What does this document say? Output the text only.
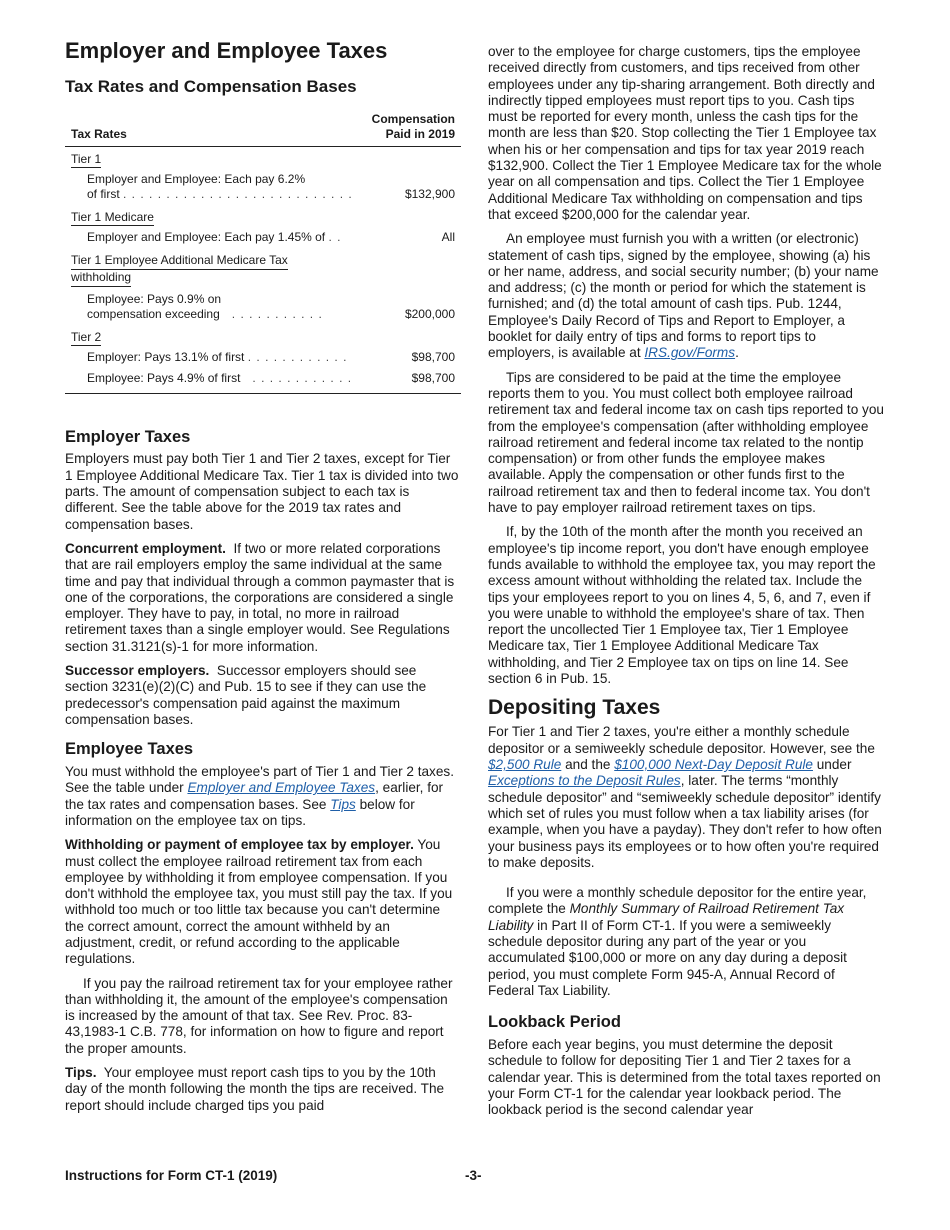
Employer and Employee Taxes
Tax Rates and Compensation Bases
Tax Rates
Compensation
Paid in 2019
Tier 1
Employer and Employee: Each pay 6.2%
of first . . . . . . . . . . . . . . . . . . . . . . . . . . .	$132,900
Tier 1 Medicare
Employer and Employee: Each pay 1.45% of . .	All
Tier 1 Employee Additional Medicare Tax
withholding
Employee: Pays 0.9% on
compensation exceeding   . . . . . . . . . . .	$200,000
Tier 2
Employer: Pays 13.1% of first . . . . . . . . . . . .	$98,700
Employee: Pays 4.9% of first   . . . . . . . . . . . .	$98,700
Employer Taxes

Employers must pay both Tier 1 and Tier 2 taxes, except for Tier 1 Employee Additional Medicare Tax. Tier 1 tax is divided into two parts. The amount of compensation subject to each tax is different. See the table above for the 2019 tax rates and compensation bases.

Concurrent employment. If two or more related corporations that are rail employers employ the same individual at the same time and pay that individual through a common paymaster that is one of the corporations, the corporations are considered a single employer. They have to pay, in total, no more in railroad retirement taxes than a single employer would. See Regulations section 31.3121(s)-1 for more information.

Successor employers. Successor employers should see section 3231(e)(2)(C) and Pub. 15 to see if they can use the predecessor's compensation paid against the maximum compensation bases.

Employee Taxes

You must withhold the employee's part of Tier 1 and Tier 2 taxes. See the table under Employer and Employee Taxes, earlier, for the tax rates and compensation bases. See Tips below for information on the employee tax on tips.

Withholding or payment of employee tax by employer. You must collect the employee railroad retirement tax from each employee by withholding it from employee compensation. If you don't withhold the employee tax, you must still pay the tax. If you withhold too much or too little tax because you can't determine the correct amount, correct the amount withheld by an adjustment, credit, or refund according to the applicable regulations.

If you pay the railroad retirement tax for your employee rather than withholding it, the amount of the employee's compensation is increased by the amount of that tax. See Rev. Proc. 83-43,1983-1 C.B. 778, for information on how to figure and report the proper amounts.

Tips. Your employee must report cash tips to you by the 10th day of the month following the month the tips are received. The report should include charged tips you paid

over to the employee for charge customers, tips the employee received directly from customers, and tips received from other employees under any tip-sharing arrangement. Both directly and indirectly tipped employees must report tips to you. Cash tips must be reported for every month, unless the cash tips for the month are less than $20. Stop collecting the Tier 1 Employee tax when his or her compensation and tips for tax year 2019 reach $132,900. Collect the Tier 1 Employee Medicare tax for the whole year on all compensation and tips. Collect the Tier 1 Employee Additional Medicare Tax withholding on compensation and tips that exceed $200,000 for the calendar year.

An employee must furnish you with a written (or electronic) statement of cash tips, signed by the employee, showing (a) his or her name, address, and social security number; (b) your name and address; (c) the month or period for which the statement is furnished; and (d) the total amount of cash tips. Pub. 1244, Employee's Daily Record of Tips and Report to Employer, a booklet for daily entry of tips and forms to report tips to employers, is available at IRS.gov/Forms.

Tips are considered to be paid at the time the employee reports them to you. You must collect both employee railroad retirement tax and federal income tax on cash tips reported to you from the employee's compensation (after withholding employee railroad retirement and federal income tax related to the nontip compensation) or from other funds the employee makes available. Apply the compensation or other funds first to the railroad retirement tax and then to federal income tax. You don't have to pay employer railroad retirement taxes on tips.

If, by the 10th of the month after the month you received an employee's tip income report, you don't have enough employee funds available to withhold the employee tax, you may report the excess amount without withholding the related tax. Include the tips your employees report to you on lines 4, 5, 6, and 7, even if you were unable to withhold the employee's share of tax. Then report the uncollected Tier 1 Employee tax, Tier 1 Employee Medicare tax, Tier 1 Employee Additional Medicare Tax withholding, and Tier 2 Employee tax on tips on line 14. See section 6 in Pub. 15.

Depositing Taxes

For Tier 1 and Tier 2 taxes, you're either a monthly schedule depositor or a semiweekly schedule depositor. However, see the $2,500 Rule and the $100,000 Next-Day Deposit Rule under Exceptions to the Deposit Rules, later. The terms “monthly schedule depositor” and “semiweekly schedule depositor” identify which set of rules you must follow when a tax liability arises (for example, when you have a payday). They don't refer to how often your business pays its employees or to how often you're required to make deposits.

If you were a monthly schedule depositor for the entire year, complete the Monthly Summary of Railroad Retirement Tax Liability in Part II of Form CT-1. If you were a semiweekly schedule depositor during any part of the year or you accumulated $100,000 or more on any day during a deposit period, you must complete Form 945-A, Annual Record of Federal Tax Liability.

Lookback Period

Before each year begins, you must determine the deposit schedule to follow for depositing Tier 1 and Tier 2 taxes for a calendar year. This is determined from the total taxes reported on your Form CT-1 for the calendar year lookback period. The lookback period is the second calendar year

Instructions for Form CT-1 (2019)	-3-
